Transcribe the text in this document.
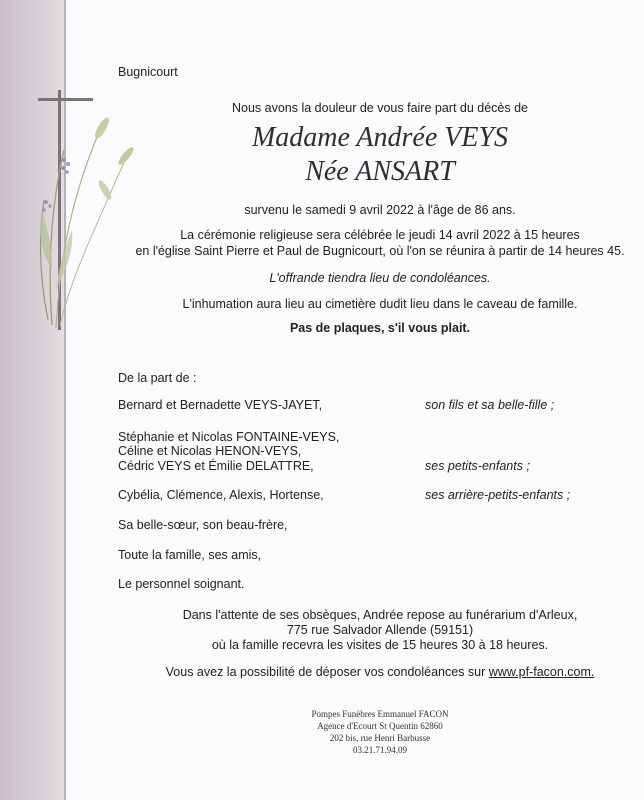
Bugnicourt
Nous avons la douleur de vous faire part du décès de
Madame Andrée VEYS
Née ANSART
survenu le samedi 9 avril 2022 à l'âge de 86 ans.
La cérémonie religieuse sera célébrée le jeudi 14 avril 2022 à 15 heures
en l'église Saint Pierre et Paul de Bugnicourt, où l'on se réunira à partir de 14 heures 45.
L'offrande tiendra lieu de condoléances.
L'inhumation aura lieu au cimetière dudit lieu dans le caveau de famille.
Pas de plaques, s'il vous plait.
De la part de :
Bernard et Bernadette VEYS-JAYET,	son fils et sa belle-fille ;
Stéphanie et Nicolas FONTAINE-VEYS,
Céline et Nicolas HENON-VEYS,
Cédric VEYS et Émilie DELATTRE,	ses petits-enfants ;
Cybélia, Clémence, Alexis, Hortense,	ses arrière-petits-enfants ;
Sa belle-sœur, son beau-frère,
Toute la famille, ses amis,
Le personnel soignant.
Dans l'attente de ses obsèques, Andrée repose au funérarium d'Arleux,
775 rue Salvador Allende (59151)
où la famille recevra les visites de 15 heures 30 à 18 heures.
Vous avez la possibilité de déposer vos condoléances sur www.pf-facon.com.
Pompes Funèbres Emmanuel FACON
Agence d'Ecourt St Quentin 62860
202 bis, rue Henri Barbusse
03.21.71.94.09
